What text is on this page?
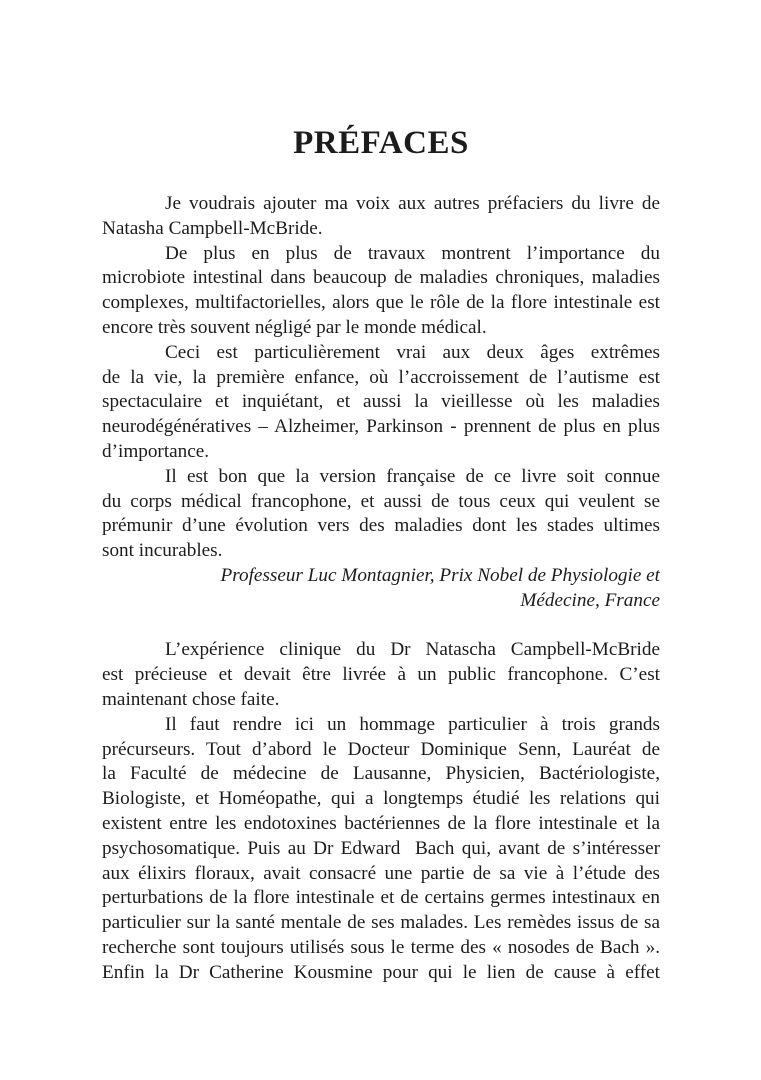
PRÉFACES

Je voudrais ajouter ma voix aux autres préfaciers du livre de
Natasha Campbell-McBride.

De plus en plus de travaux montrent l’importance du
microbiote intestinal dans beaucoup de maladies chroniques, maladies
complexes, multifactorielles, alors que le rôle de la flore intestinale est
encore très souvent négligé par le monde médical.

Ceci est particulièrement vrai aux deux âges extrêmes
de la vie, la première enfance, où l’accroissement de l’autisme est
spectaculaire et inquiétant, et aussi la vieillesse où les maladies
neurodégénératives – Alzheimer, Parkinson - prennent de plus en plus
d’importance.

Il est bon que la version française de ce livre soit connue
du corps médical francophone, et aussi de tous ceux qui veulent se
prémunir d’une évolution vers des maladies dont les stades ultimes
sont incurables.

Professeur Luc Montagnier, Prix Nobel de Physiologie et
Médecine, France

L’expérience clinique du Dr Natascha Campbell-McBride
est précieuse et devait être livrée à un public francophone. C’est
maintenant chose faite.

Il faut rendre ici un hommage particulier à trois grands
précurseurs. Tout d’abord le Docteur Dominique Senn, Lauréat de
la Faculté de médecine de Lausanne, Physicien, Bactériologiste,
Biologiste, et Homéopathe, qui a longtemps étudié les relations qui
existent entre les endotoxines bactériennes de la flore intestinale et la
psychosomatique. Puis au Dr Edward  Bach qui, avant de s’intéresser
aux élixirs floraux, avait consacré une partie de sa vie à l’étude des
perturbations de la flore intestinale et de certains germes intestinaux en
particulier sur la santé mentale de ses malades. Les remèdes issus de sa
recherche sont toujours utilisés sous le terme des « nosodes de Bach ».
Enfin la Dr Catherine Kousmine pour qui le lien de cause à effet
